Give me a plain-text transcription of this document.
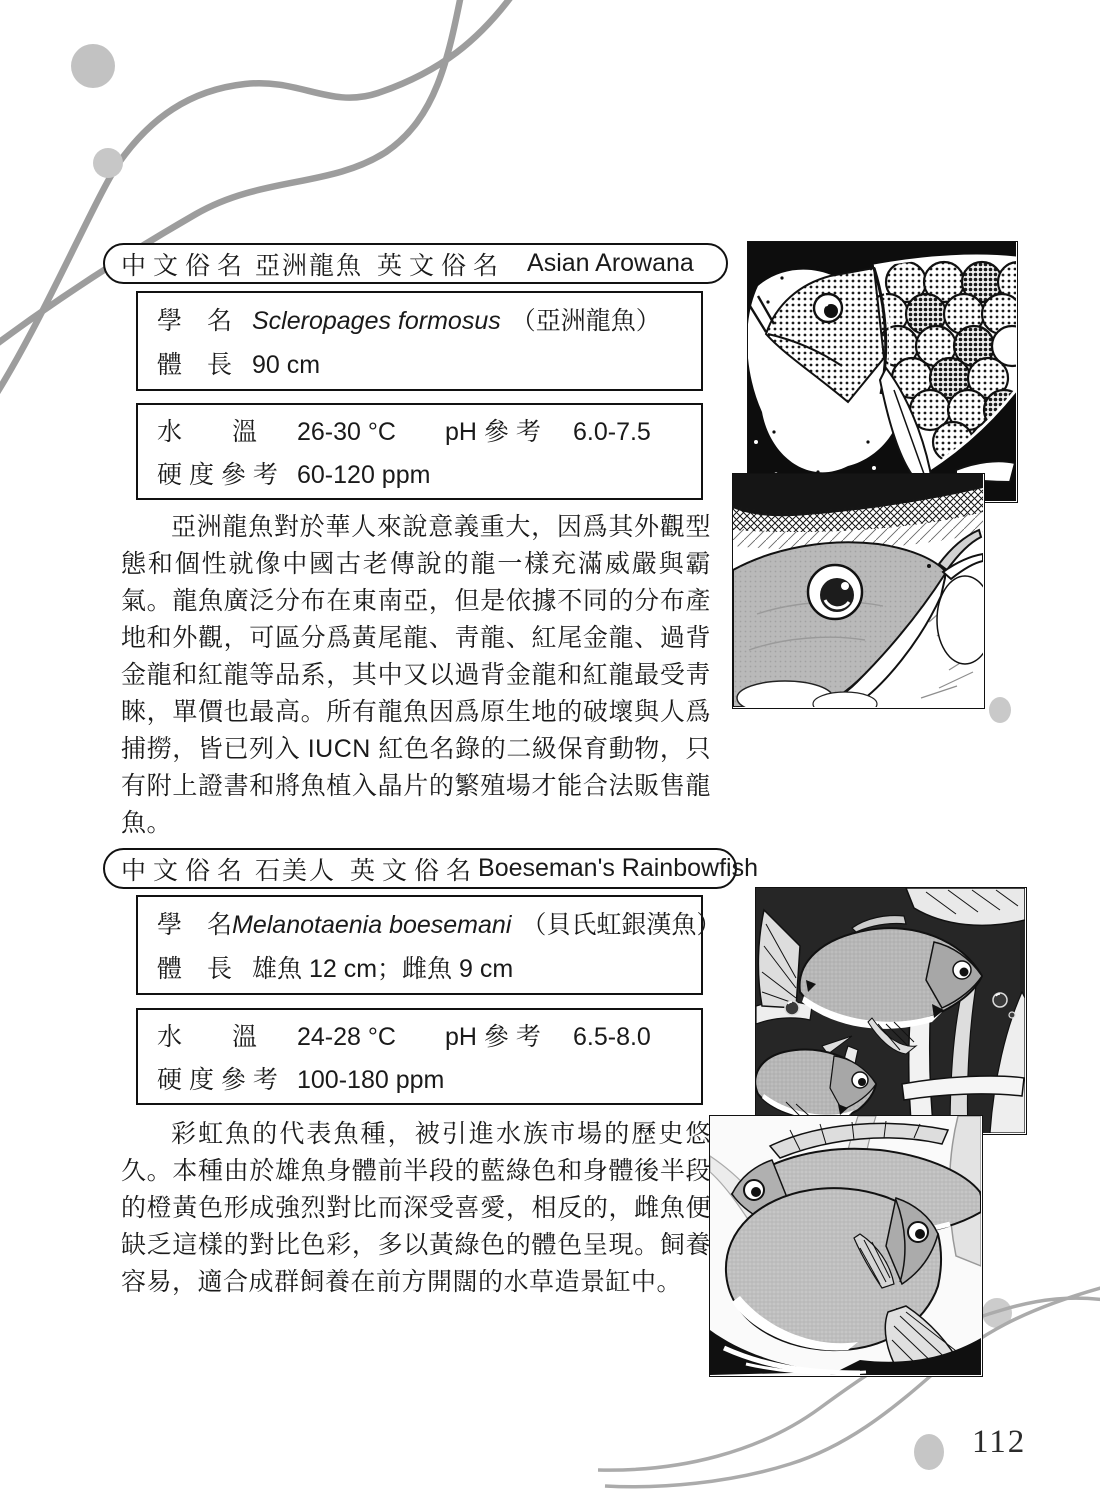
中文俗名 亞洲龍魚 英文俗名 Asian Arowana
學　名 Scleropages formosus （亞洲龍魚）
體　長 90 cm
水　　溫	26-30 °C	pH 參 考	6.0-7.5
硬 度 參 考 60-120 ppm

亞洲龍魚對於華人來說意義重大，因爲其外觀型態和個性就像中國古老傳說的龍一樣充滿威嚴與霸氣。龍魚廣泛分布在東南亞，但是依據不同的分布產地和外觀，可區分爲黃尾龍、靑龍、紅尾金龍、過背金龍和紅龍等品系，其中又以過背金龍和紅龍最受靑睞，單價也最高。所有龍魚因爲原生地的破壞與人爲捕撈，皆已列入 IUCN 紅色名錄的二級保育動物，只有附上證書和將魚植入晶片的繁殖場才能合法販售龍魚。

中文俗名 石美人 英文俗名 Boeseman's Rainbowfish
學　名 Melanotaenia boesemani （貝氏虹銀漢魚）
體　長 雄魚 12 cm；雌魚 9 cm
水　　溫	24-28 °C	pH 參 考	6.5-8.0
硬 度 參 考 100-180 ppm

彩虹魚的代表魚種，被引進水族市場的歷史悠久。本種由於雄魚身體前半段的藍綠色和身體後半段的橙黃色形成強烈對比而深受喜愛，相反的，雌魚便缺乏這樣的對比色彩，多以黃綠色的體色呈現。飼養容易，適合成群飼養在前方開闊的水草造景缸中。

112
